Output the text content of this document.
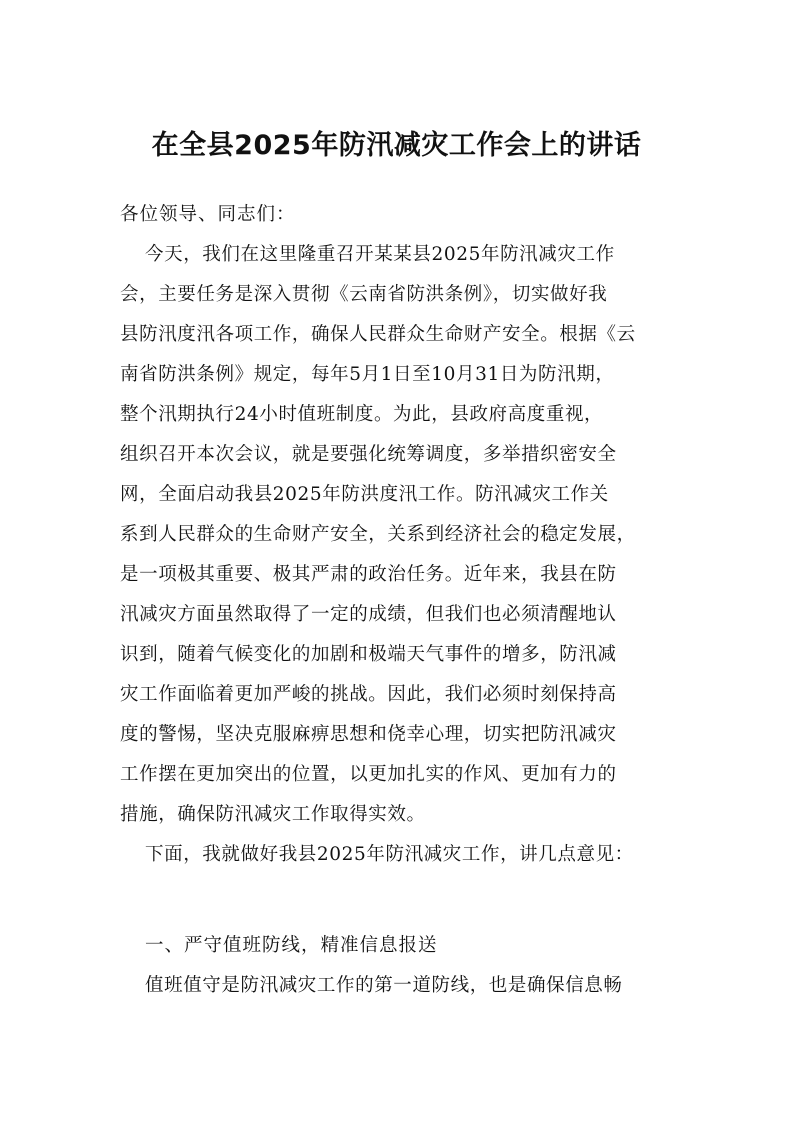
在全县2025年防汛减灾工作会上的讲话
各位领导、同志们：
今天，我们在这里隆重召开某某县2025年防汛减灾工作
会，主要任务是深入贯彻《云南省防洪条例》，切实做好我
县防汛度汛各项工作，确保人民群众生命财产安全。根据《云
南省防洪条例》规定，每年5月1日至10月31日为防汛期，
整个汛期执行24小时值班制度。为此，县政府高度重视，
组织召开本次会议，就是要强化统筹调度，多举措织密安全
网，全面启动我县2025年防洪度汛工作。防汛减灾工作关
系到人民群众的生命财产安全，关系到经济社会的稳定发展，
是一项极其重要、极其严肃的政治任务。近年来，我县在防
汛减灾方面虽然取得了一定的成绩，但我们也必须清醒地认
识到，随着气候变化的加剧和极端天气事件的增多，防汛减
灾工作面临着更加严峻的挑战。因此，我们必须时刻保持高
度的警惕，坚决克服麻痹思想和侥幸心理，切实把防汛减灾
工作摆在更加突出的位置，以更加扎实的作风、更加有力的
措施，确保防汛减灾工作取得实效。
下面，我就做好我县2025年防汛减灾工作，讲几点意见：
一、严守值班防线，精准信息报送
值班值守是防汛减灾工作的第一道防线，也是确保信息畅
